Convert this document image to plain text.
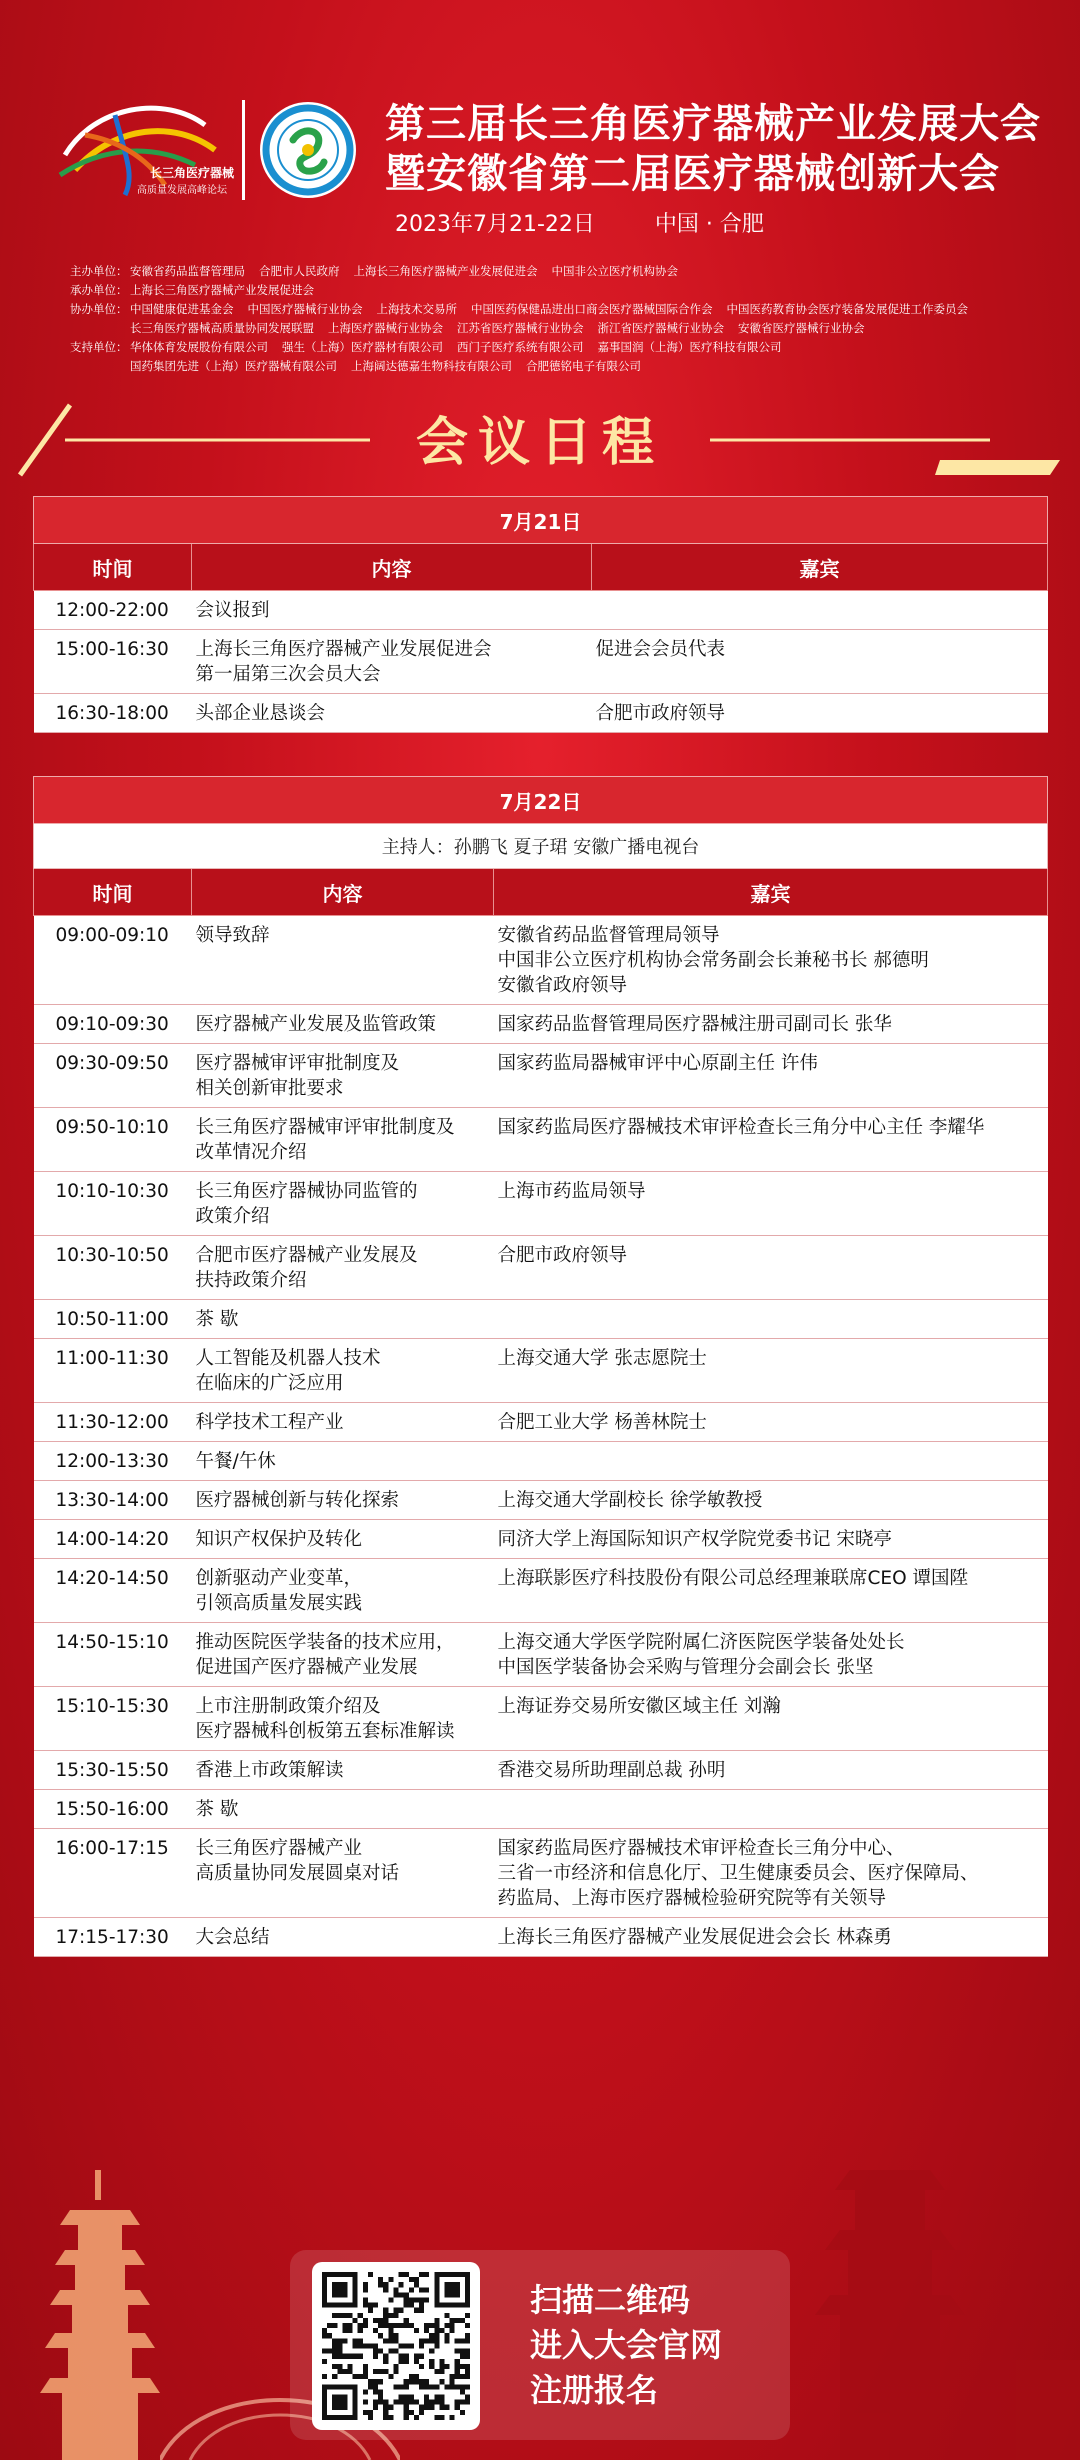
长三角医疗器械
高质量发展高峰论坛
第三届长三角医疗器械产业发展大会
暨安徽省第二届医疗器械创新大会
2023年7月21-22日	中国 · 合肥
主办单位： 安徽省药品监督管理局 合肥市人民政府 上海长三角医疗器械产业发展促进会 中国非公立医疗机构协会
承办单位： 上海长三角医疗器械产业发展促进会
协办单位： 中国健康促进基金会 中国医疗器械行业协会 上海技术交易所 中国医药保健品进出口商会医疗器械国际合作会 中国医药教育协会医疗装备发展促进工作委员会
长三角医疗器械高质量协同发展联盟 上海医疗器械行业协会 江苏省医疗器械行业协会 浙江省医疗器械行业协会 安徽省医疗器械行业协会
支持单位： 华体体育发展股份有限公司 强生（上海）医疗器材有限公司 西门子医疗系统有限公司 嘉事国润（上海）医疗科技有限公司
国药集团先进（上海）医疗器械有限公司 上海阔达德嘉生物科技有限公司 合肥德铭电子有限公司
会议日程
7月21日		
时间	内容	嘉宾
12:00-22:00	会议报到	
15:00-16:30	上海长三角医疗器械产业发展促进会
第一届第三次会员大会	促进会会员代表
16:30-18:00	头部企业恳谈会	合肥市政府领导
7月22日		
主持人：孙鹏飞 夏子珺 安徽广播电视台		
时间	内容	嘉宾
09:00-09:10	领导致辞	安徽省药品监督管理局领导
中国非公立医疗机构协会常务副会长兼秘书长 郝德明
安徽省政府领导
09:10-09:30	医疗器械产业发展及监管政策	国家药品监督管理局医疗器械注册司副司长 张华
09:30-09:50	医疗器械审评审批制度及
相关创新审批要求	国家药监局器械审评中心原副主任 许伟
09:50-10:10	长三角医疗器械审评审批制度及
改革情况介绍	国家药监局医疗器械技术审评检查长三角分中心主任 李耀华
10:10-10:30	长三角医疗器械协同监管的
政策介绍	上海市药监局领导
10:30-10:50	合肥市医疗器械产业发展及
扶持政策介绍	合肥市政府领导
10:50-11:00	茶 歇	
11:00-11:30	人工智能及机器人技术
在临床的广泛应用	上海交通大学 张志愿院士
11:30-12:00	科学技术工程产业	合肥工业大学 杨善林院士
12:00-13:30	午餐/午休	
13:30-14:00	医疗器械创新与转化探索	上海交通大学副校长 徐学敏教授
14:00-14:20	知识产权保护及转化	同济大学上海国际知识产权学院党委书记 宋晓亭
14:20-14:50	创新驱动产业变革，
引领高质量发展实践	上海联影医疗科技股份有限公司总经理兼联席CEO 谭国陞
14:50-15:10	推动医院医学装备的技术应用，
促进国产医疗器械产业发展	上海交通大学医学院附属仁济医院医学装备处处长
中国医学装备协会采购与管理分会副会长 张坚
15:10-15:30	上市注册制政策介绍及
医疗器械科创板第五套标准解读	上海证券交易所安徽区域主任 刘瀚
15:30-15:50	香港上市政策解读	香港交易所助理副总裁 孙明
15:50-16:00	茶 歇	
16:00-17:15	长三角医疗器械产业
高质量协同发展圆桌对话	国家药监局医疗器械技术审评检查长三角分中心、
三省一市经济和信息化厅、卫生健康委员会、医疗保障局、
药监局、上海市医疗器械检验研究院等有关领导
17:15-17:30	大会总结	上海长三角医疗器械产业发展促进会会长 林森勇
扫描二维码
进入大会官网
注册报名
